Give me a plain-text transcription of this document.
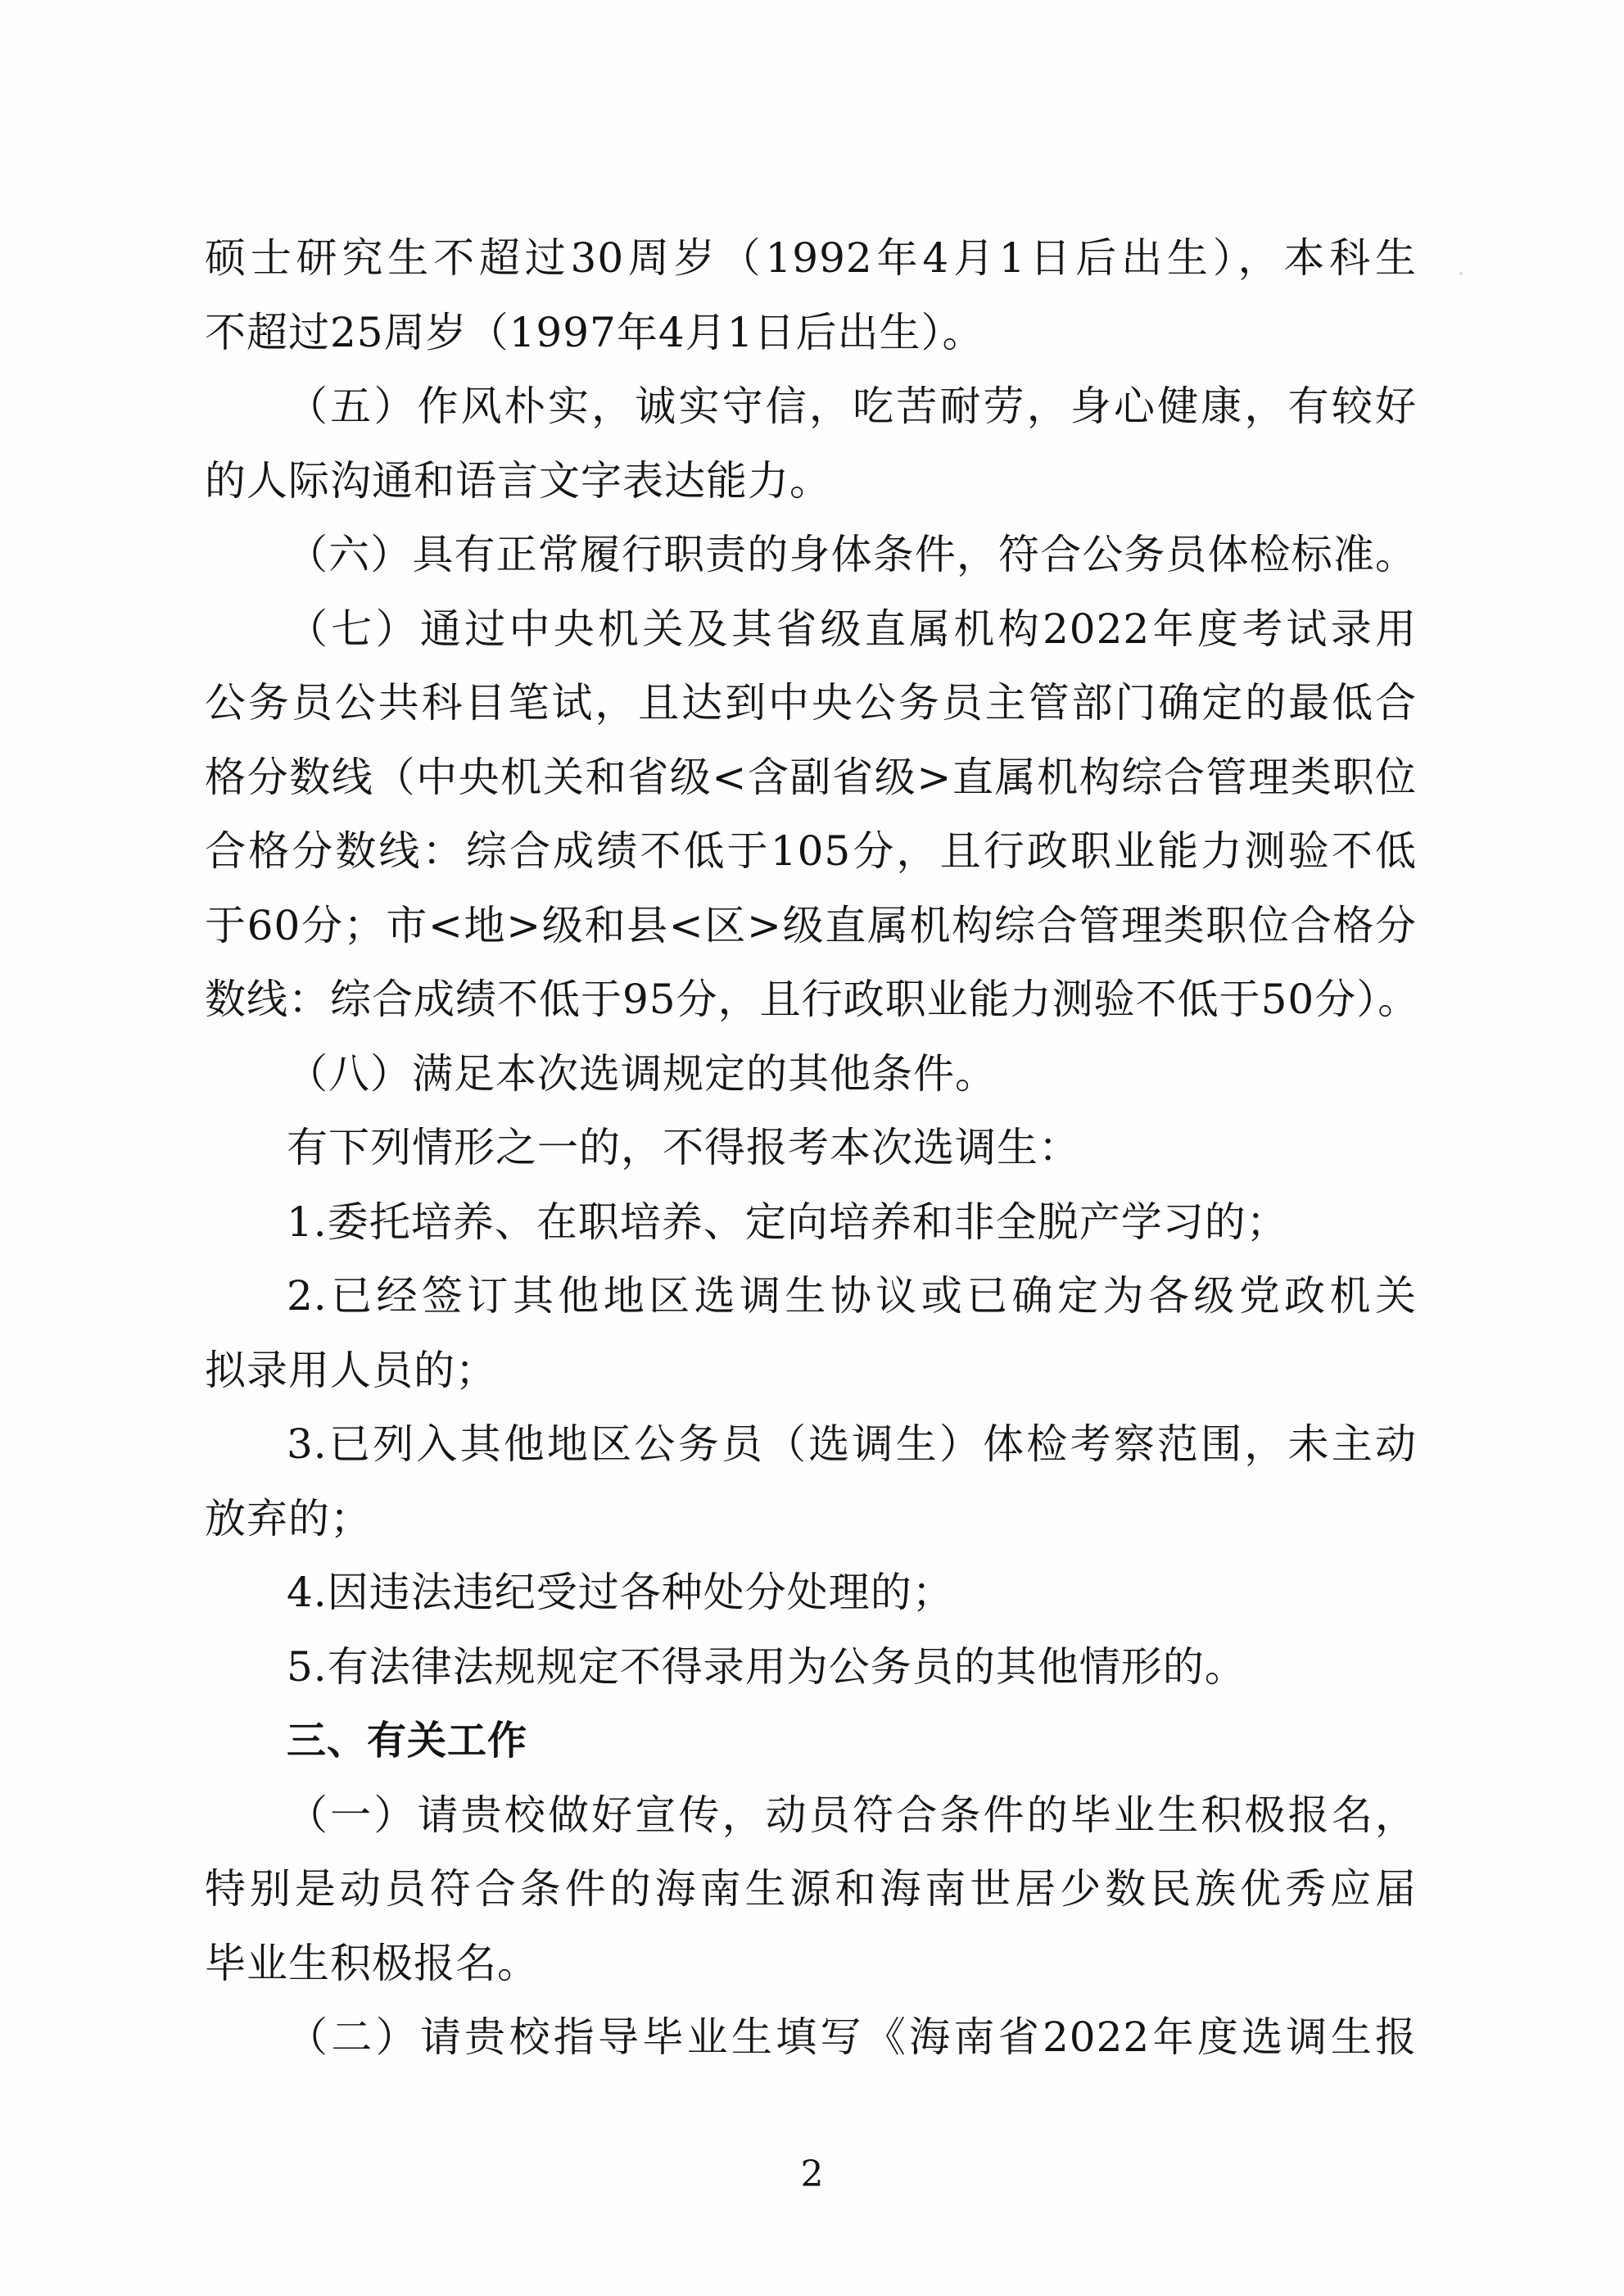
硕士研究生不超过30周岁（1992年4月1日后出生），本科生
不超过25周岁（1997年4月1日后出生）。
（五）作风朴实，诚实守信，吃苦耐劳，身心健康，有较好
的人际沟通和语言文字表达能力。
（六）具有正常履行职责的身体条件，符合公务员体检标准。
（七）通过中央机关及其省级直属机构2022年度考试录用
公务员公共科目笔试，且达到中央公务员主管部门确定的最低合
格分数线（中央机关和省级<含副省级>直属机构综合管理类职位
合格分数线：综合成绩不低于105分，且行政职业能力测验不低
于60分；市<地>级和县<区>级直属机构综合管理类职位合格分
数线：综合成绩不低于95分，且行政职业能力测验不低于50分）。
（八）满足本次选调规定的其他条件。
有下列情形之一的，不得报考本次选调生：
1.委托培养、在职培养、定向培养和非全脱产学习的；
2.已经签订其他地区选调生协议或已确定为各级党政机关
拟录用人员的；
3.已列入其他地区公务员（选调生）体检考察范围，未主动
放弃的；
4.因违法违纪受过各种处分处理的；
5.有法律法规规定不得录用为公务员的其他情形的。
三、有关工作
（一）请贵校做好宣传，动员符合条件的毕业生积极报名，
特别是动员符合条件的海南生源和海南世居少数民族优秀应届
毕业生积极报名。
（二）请贵校指导毕业生填写《海南省2022年度选调生报
2
